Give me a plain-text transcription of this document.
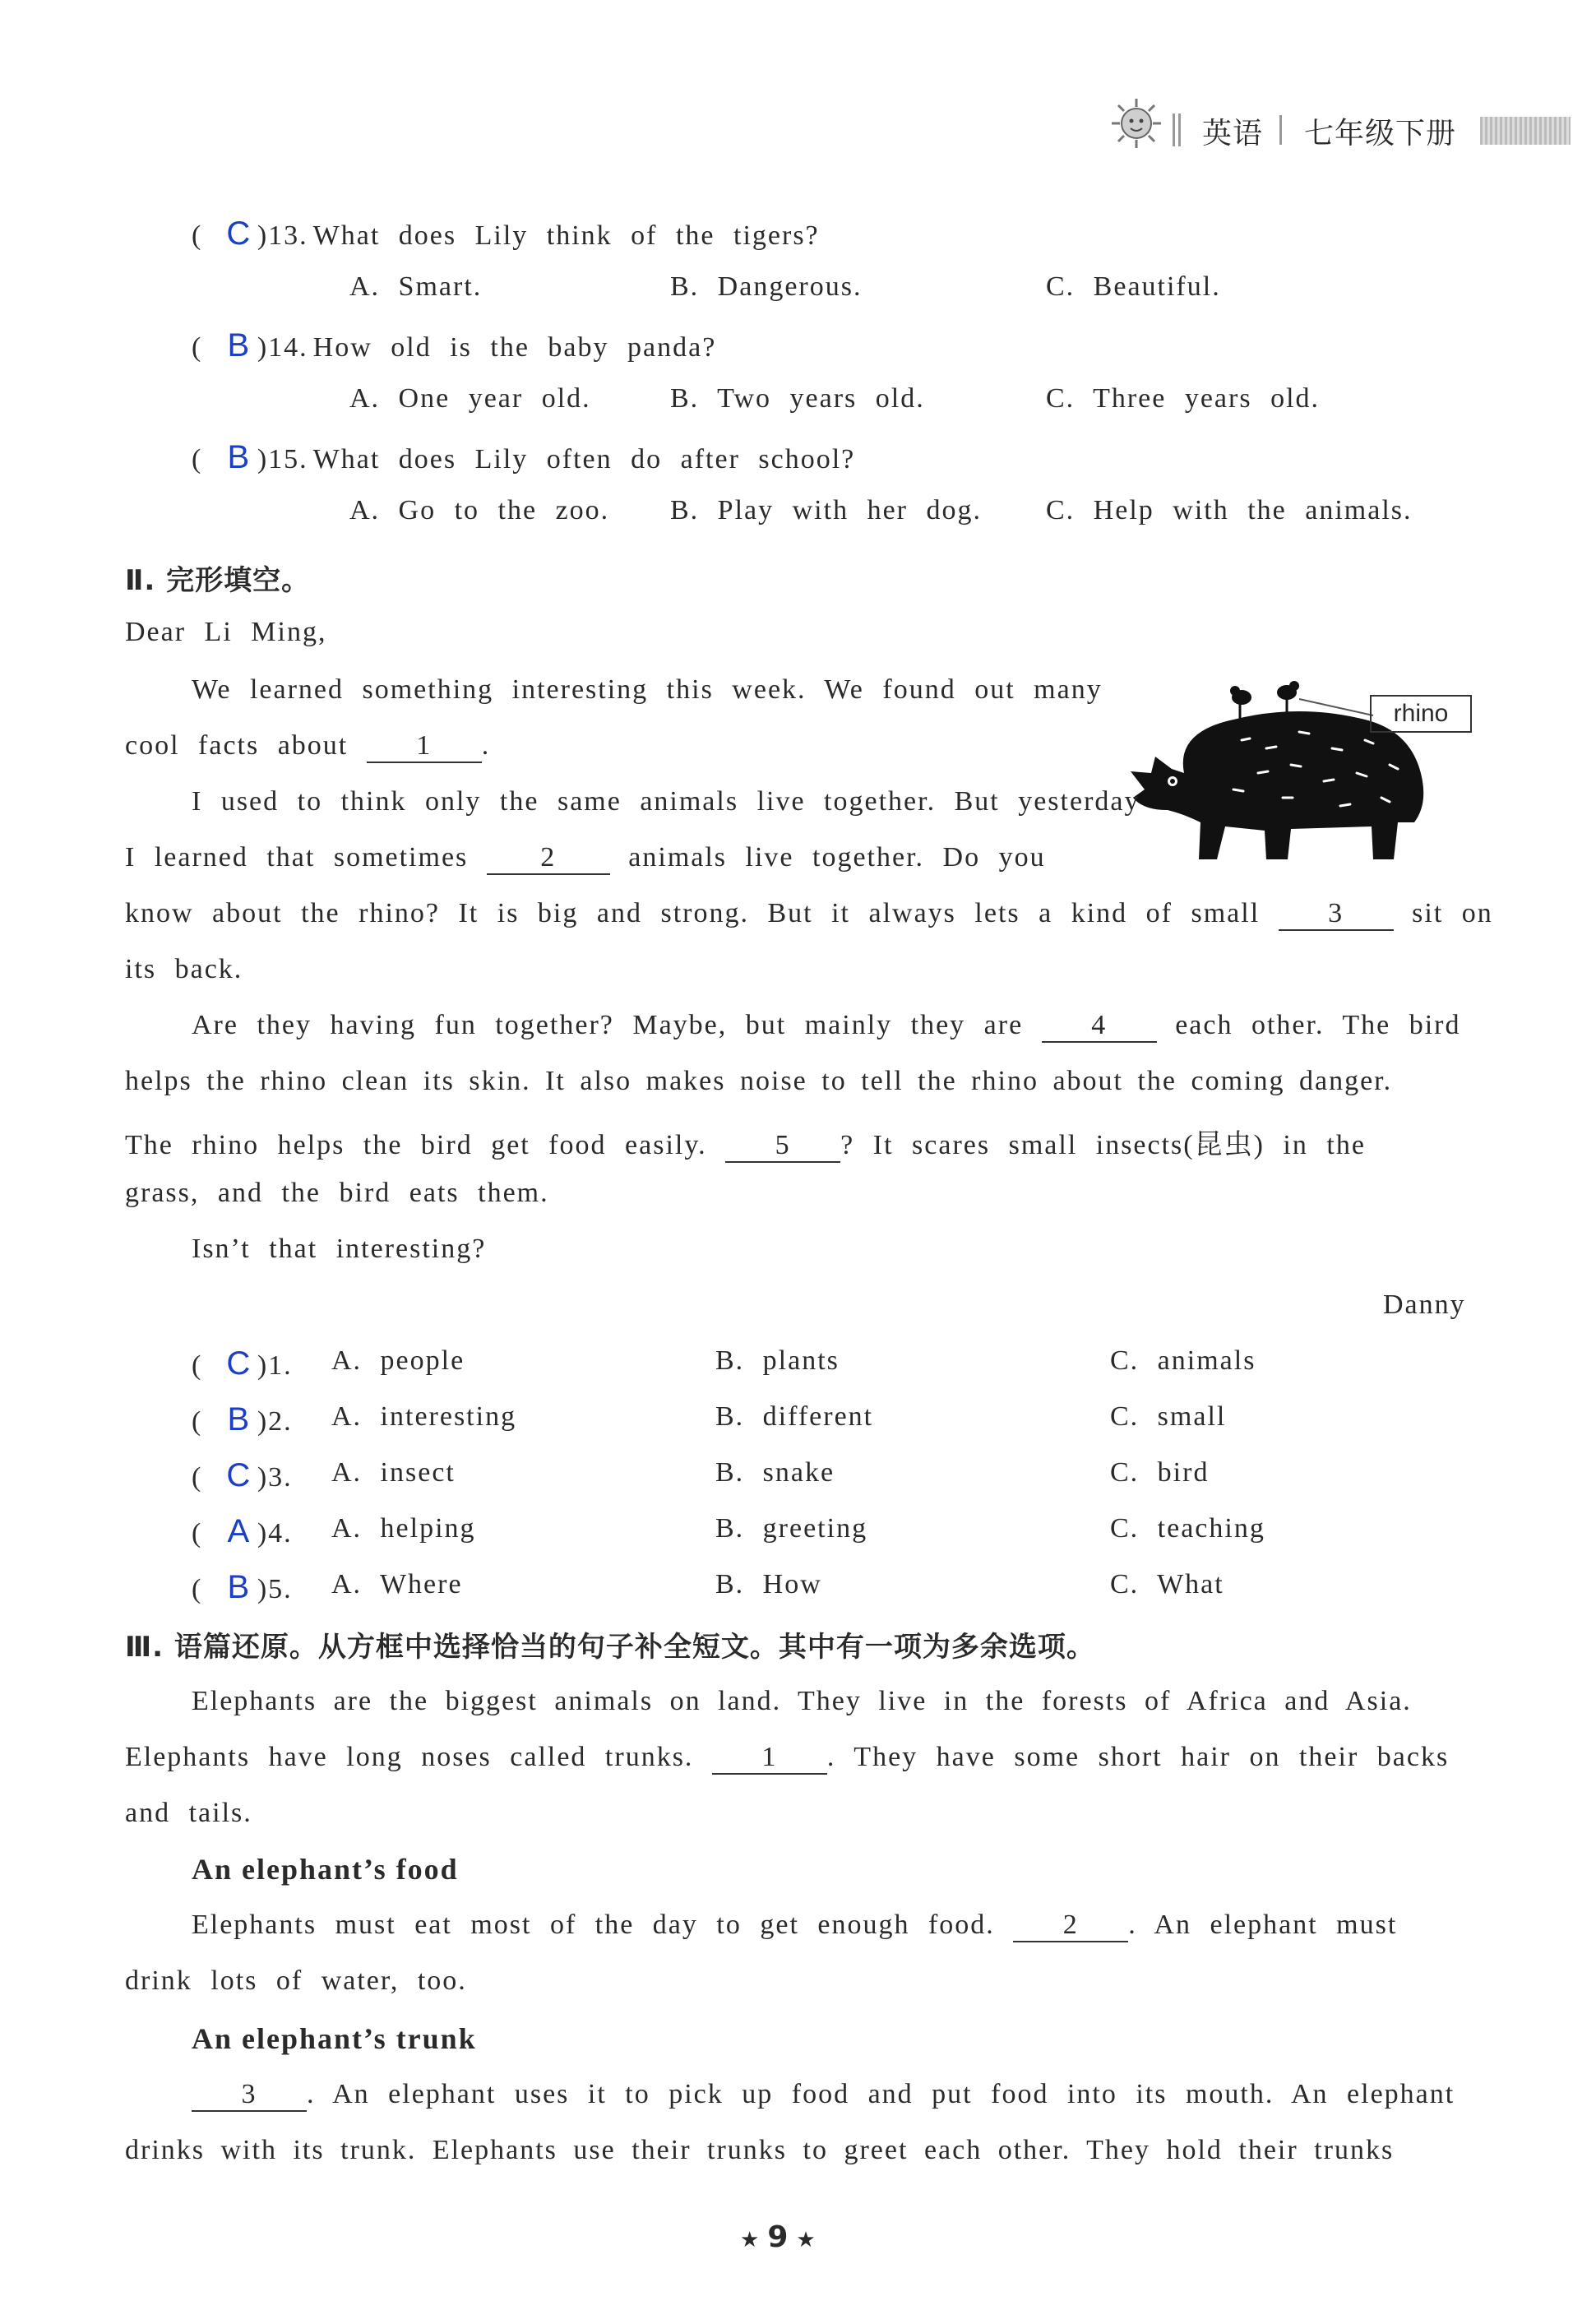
英语 七年级下册
( C )13. What does Lily think of the tigers?
A. Smart.	B. Dangerous.	C. Beautiful.
( B )14. How old is the baby panda?
A. One year old.	B. Two years old.	C. Three years old.
( B )15. What does Lily often do after school?
A. Go to the zoo. B. Play with her dog. C. Help with the animals.
Ⅱ. 完形填空。
Dear Li Ming,
rhino
We learned something interesting this week. We found out many
cool facts about 1 .
I used to think only the same animals live together. But yesterday
I learned that sometimes	2	animals live together. Do you
know about the rhino? It is big and strong. But it always lets a kind of small 3 sit on
its back.
Are they having fun together? Maybe, but mainly they are 4 each other. The bird
helps the rhino clean its skin. It also makes noise to tell the rhino about the coming danger.
The rhino helps the bird get food easily. 5 ? It scares small insects(昆虫) in the
grass, and the bird eats them.
Isn’t that interesting?
Danny
( C )1. A. people	B. plants	C. animals
( B )2. A. interesting	B. different	C. small
( C )3. A. insect	B. snake	C. bird
( A )4. A. helping	B. greeting	C. teaching
( B )5. A. Where	B. How	C. What
Ⅲ. 语篇还原。从方框中选择恰当的句子补全短文。其中有一项为多余选项。
Elephants are the biggest animals on land. They live in the forests of Africa and Asia.
Elephants have long noses called trunks. 1 . They have some short hair on their backs
and tails.
An elephant’s food
Elephants must eat most of the day to get enough food. 2 . An elephant must
drink lots of water, too.
An elephant’s trunk
3 . An elephant uses it to pick up food and put food into its mouth. An elephant
drinks with its trunk. Elephants use their trunks to greet each other. They hold their trunks
★9★
